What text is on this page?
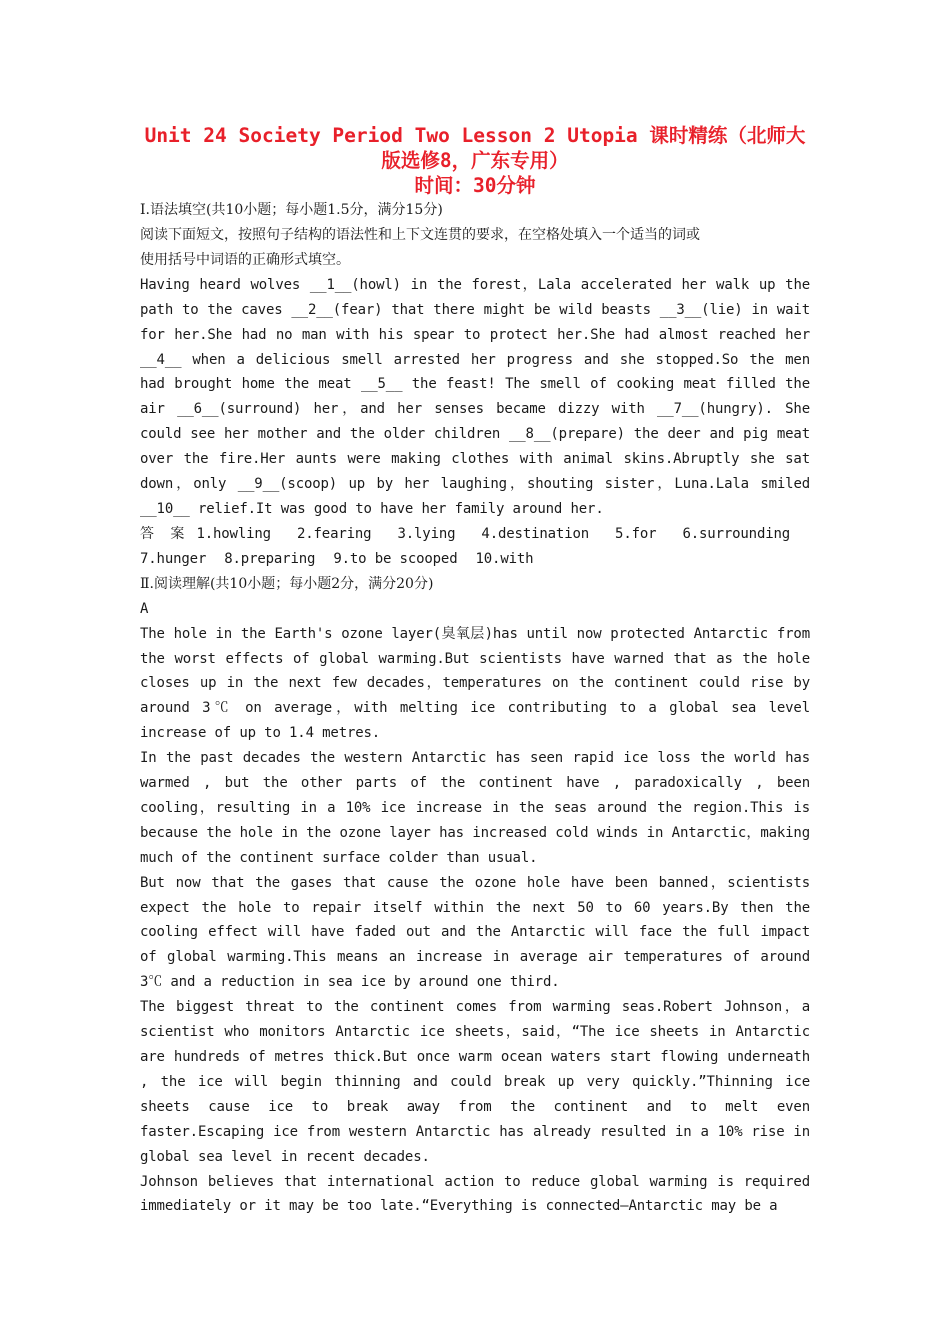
Unit 24 Society Period Two Lesson 2 Utopia 课时精练（北师大
版选修8，广东专用）
时间：30分钟

Ⅰ.语法填空(共10小题；每小题1.5分，满分15分)

阅读下面短文，按照句子结构的语法性和上下文连贯的要求，在空格处填入一个适当的词或

使用括号中词语的正确形式填空。

Having heard wolves __1__(howl) in the forest，Lala accelerated her walk up the path to the caves __2__(fear) that there might be wild beasts __3__(lie) in wait for her.She had no man with his spear to protect her.She had almost reached her __4__ when a delicious smell arrested her progress and she stopped.So the men had brought home the meat __5__ the feast! The smell of cooking meat filled the air __6__(surround) her，and her senses became dizzy with __7__(hungry). She could see her mother and the older children __8__(prepare) the deer and pig meat over the fire.Her aunts were making clothes with animal skins.Abruptly she sat down，only __9__(scoop) up by her laughing，shouting sister，Luna.Lala smiled __10__ relief.It was good to have her family around her.

答 案 1.howling 2.fearing 3.lying 4.destination 5.for 6.surrounding
7.hunger 8.preparing 9.to be scooped 10.with

Ⅱ.阅读理解(共10小题；每小题2分，满分20分)

A

The hole in the Earth's ozone layer(臭氧层)has until now protected Antarctic from the worst effects of global warming.But scientists have warned that as the hole closes up in the next few decades，temperatures on the continent could rise by around 3℃ on average，with melting ice contributing to a global sea level increase of up to 1.4 metres.

In the past decades the western Antarctic has seen rapid ice loss the world has warmed , but the other parts of the continent have , paradoxically , been cooling，resulting in a 10% ice increase in the seas around the region.This is because the hole in the ozone layer has increased cold winds in Antarctic，making much of the continent surface colder than usual.

But now that the gases that cause the ozone hole have been banned，scientists expect the hole to repair itself within the next 50 to 60 years.By then the cooling effect will have faded out and the Antarctic will face the full impact of global warming.This means an increase in average air temperatures of around 3℃ and a reduction in sea ice by around one third.

The biggest threat to the continent comes from warming seas.Robert Johnson，a scientist who monitors Antarctic ice sheets，said，“The ice sheets in Antarctic are hundreds of metres thick.But once warm ocean waters start flowing underneath , the ice will begin thinning and could break up very quickly.”Thinning ice sheets cause ice to break away from the continent and to melt even faster.Escaping ice from western Antarctic has already resulted in a 10% rise in global sea level in recent decades.

Johnson believes that international action to reduce global warming is required immediately or it may be too late.“Everything is connected—Antarctic may be a
